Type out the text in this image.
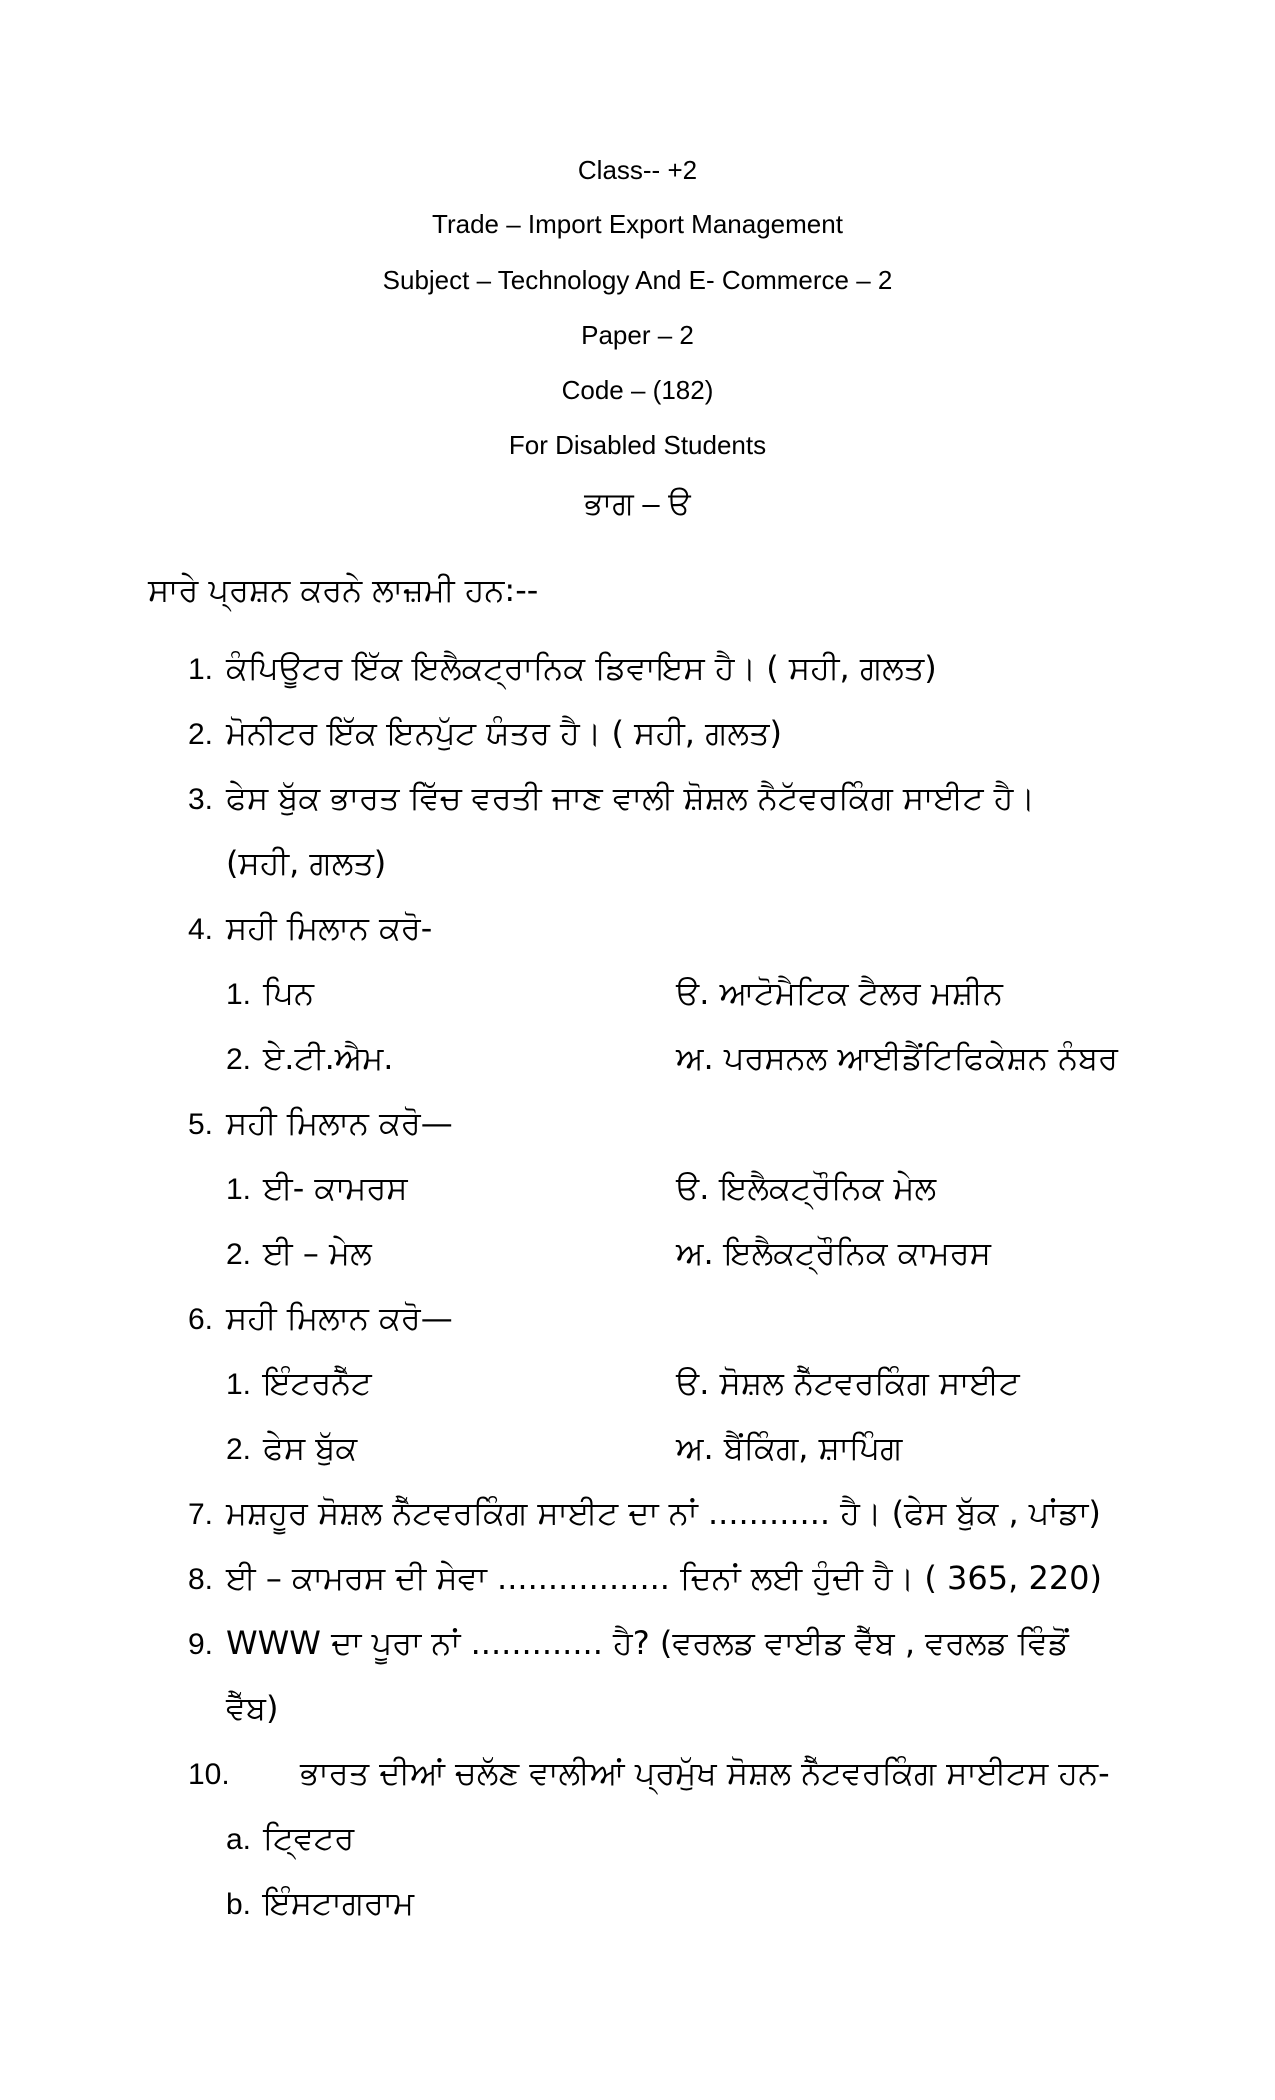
Class-- +2
Trade – Import Export Management
Subject – Technology And E- Commerce – 2
Paper – 2
Code – (182)
For Disabled Students
ਭਾਗ – ੳ
ਸਾਰੇ ਪ੍ਰਸ਼ਨ ਕਰਨੇ ਲਾਜ਼ਮੀ ਹਨ:--
1. ਕੰਪਿਊਟਰ ਇੱਕ ਇਲੈਕਟ੍ਰਾਨਿਕ ਡਿਵਾਇਸ ਹੈ। ( ਸਹੀ, ਗਲਤ)
2. ਮੋਨੀਟਰ ਇੱਕ ਇਨਪੁੱਟ ਯੰਤਰ ਹੈ। ( ਸਹੀ, ਗਲਤ)
3. ਫੇਸ ਬੁੱਕ ਭਾਰਤ ਵਿੱਚ ਵਰਤੀ ਜਾਣ ਵਾਲੀ ਸ਼ੋਸ਼ਲ ਨੈਟੱਵਰਕਿੰਗ ਸਾਈਟ ਹੈ।
(ਸਹੀ, ਗਲਤ)
4. ਸਹੀ ਮਿਲਾਨ ਕਰੋ-
1. ਪਿਨ	ੳ. ਆਟੋਮੈਟਿਕ ਟੈਲਰ ਮਸ਼ੀਨ
2. ਏ.ਟੀ.ਐਮ.	ਅ. ਪਰਸਨਲ ਆਈਡੈਂਟਿਫਿਕੇਸ਼ਨ ਨੰਬਰ
5. ਸਹੀ ਮਿਲਾਨ ਕਰੋ—
1. ਈ- ਕਾਮਰਸ	ੳ. ਇਲੈਕਟ੍ਰੌਨਿਕ ਮੇਲ
2. ਈ – ਮੇਲ	ਅ. ਇਲੈਕਟ੍ਰੌਨਿਕ ਕਾਮਰਸ
6. ਸਹੀ ਮਿਲਾਨ ਕਰੋ—
1. ਇੰਟਰਨੈੱਟ	ੳ. ਸੋਸ਼ਲ ਨੈੱਟਵਰਕਿੰਗ ਸਾਈਟ
2. ਫੇਸ ਬੁੱਕ	ਅ. ਬੈਂਕਿੰਗ, ਸ਼ਾਪਿੰਗ
7. ਮਸ਼ਹੂਰ ਸੋਸ਼ਲ ਨੈੱਟਵਰਕਿੰਗ ਸਾਈਟ ਦਾ ਨਾਂ ............ ਹੈ। (ਫੇਸ ਬੁੱਕ , ਪਾਂਡਾ)
8. ਈ – ਕਾਮਰਸ ਦੀ ਸੇਵਾ ................. ਦਿਨਾਂ ਲਈ ਹੁੰਦੀ ਹੈ। ( 365, 220)
9. WWW ਦਾ ਪੂਰਾ ਨਾਂ ............. ਹੈ? (ਵਰਲਡ ਵਾਈਡ ਵੈੱਬ , ਵਰਲਡ ਵਿੰਡੋਂ
ਵੈੱਬ)
10. ਭਾਰਤ ਦੀਆਂ ਚਲੱਣ ਵਾਲੀਆਂ ਪ੍ਰਮੁੱਖ ਸੋਸ਼ਲ ਨੈੱਟਵਰਕਿੰਗ ਸਾਈਟਸ ਹਨ-
a. ਟ੍ਵਿਟਰ
b. ਇੰਸਟਾਗਰਾਮ
